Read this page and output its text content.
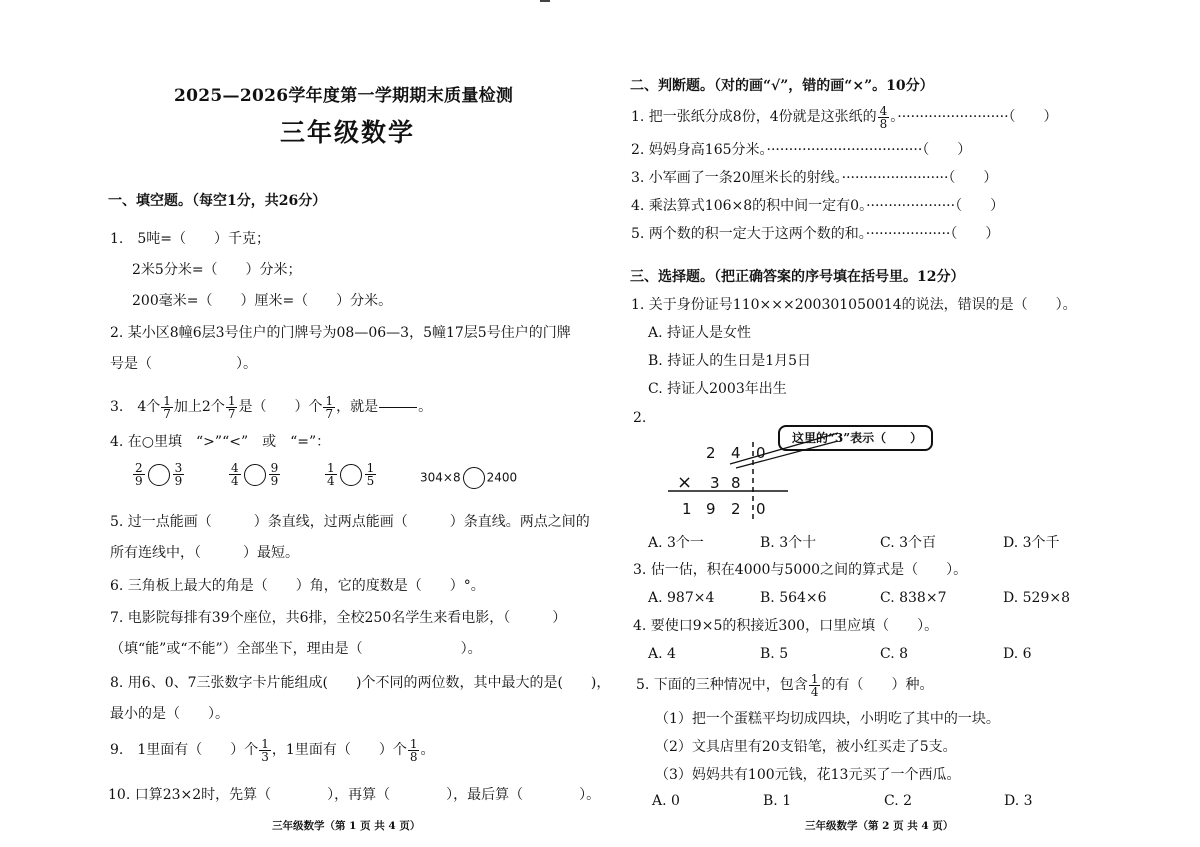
2025—2026学年度第一学期期末质量检测
三年级数学
一、填空题。（每空1分，共26分）
1.　5吨=（　　）千克；
2米5分米=（　　）分米；
200毫米=（　　）厘米=（　　）分米。
2. 某小区8幢6层3号住户的门牌号为08—06—3，5幢17层5号住户的门牌
号是（　　　　　　）。
3.　4个 $\frac{1}{7}$ 加上2个 $\frac{1}{7}$ 是（　　）个 $\frac{1}{7}$ ，就是	。
4. 在○里填　“>”“<”　或　“=”：
$\frac{2}{9} \frac{3}{9}$	$\frac{4}{4} \frac{9}{9}$	$\frac{1}{4} \frac{1}{5}$	304×8 2400
5. 过一点能画（　　　）条直线，过两点能画（　　　）条直线。两点之间的
所有连线中，（　　　）最短。
6. 三角板上最大的角是（　　）角，它的度数是（　　）°。
7. 电影院每排有39个座位，共6排，全校250名学生来看电影，（　　　）
（填“能”或“不能”）全部坐下，理由是（　　　　　　　）。
8. 用6、0、7三张数字卡片能组成(　　)个不同的两位数，其中最大的是(　　)，
最小的是（　　）。
9.　1里面有（　　）个 $\frac{1}{3}$ ，1里面有（　　）个 $\frac{1}{8}$ 。
10. 口算23×2时，先算（　　　　），再算（　　　　），最后算（　　　　）。
三年级数学（第 1 页 共 4 页）
二、判断题。（对的画“√”，错的画“×”。10分）
1. 把一张纸分成8份，4份就是这张纸的 $\frac{4}{8}$ 。·························（　　）
2. 妈妈身高165分米。···································（　　）
3. 小军画了一条20厘米长的射线。························（　　）
4. 乘法算式106×8的积中间一定有0。····················（　　）
5. 两个数的积一定大于这两个数的和。···················（　　）
三、选择题。（把正确答案的序号填在括号里。12分）
1. 关于身份证号110×××200301050014的说法，错误的是（　　）。
A. 持证人是女性
B. 持证人的生日是1月5日
C. 持证人2003年出生
2.
2 4 0
× 3 8
1 9 2 0
这里的“3”表示（　　）
A. 3个一	B. 3个十	C. 3个百	D. 3个千
3. 估一估，积在4000与5000之间的算式是（　　）。
A. 987×4	B. 564×6	C. 838×7	D. 529×8
4. 要使口9×5的积接近300，口里应填（　　）。
A. 4	B. 5	C. 8	D. 6
5. 下面的三种情况中，包含 $\frac{1}{4}$ 的有（　　）种。
（1）把一个蛋糕平均切成四块，小明吃了其中的一块。
（2）文具店里有20支铅笔，被小红买走了5支。
（3）妈妈共有100元钱，花13元买了一个西瓜。
A. 0	B. 1	C. 2	D. 3
三年级数学（第 2 页 共 4 页）
